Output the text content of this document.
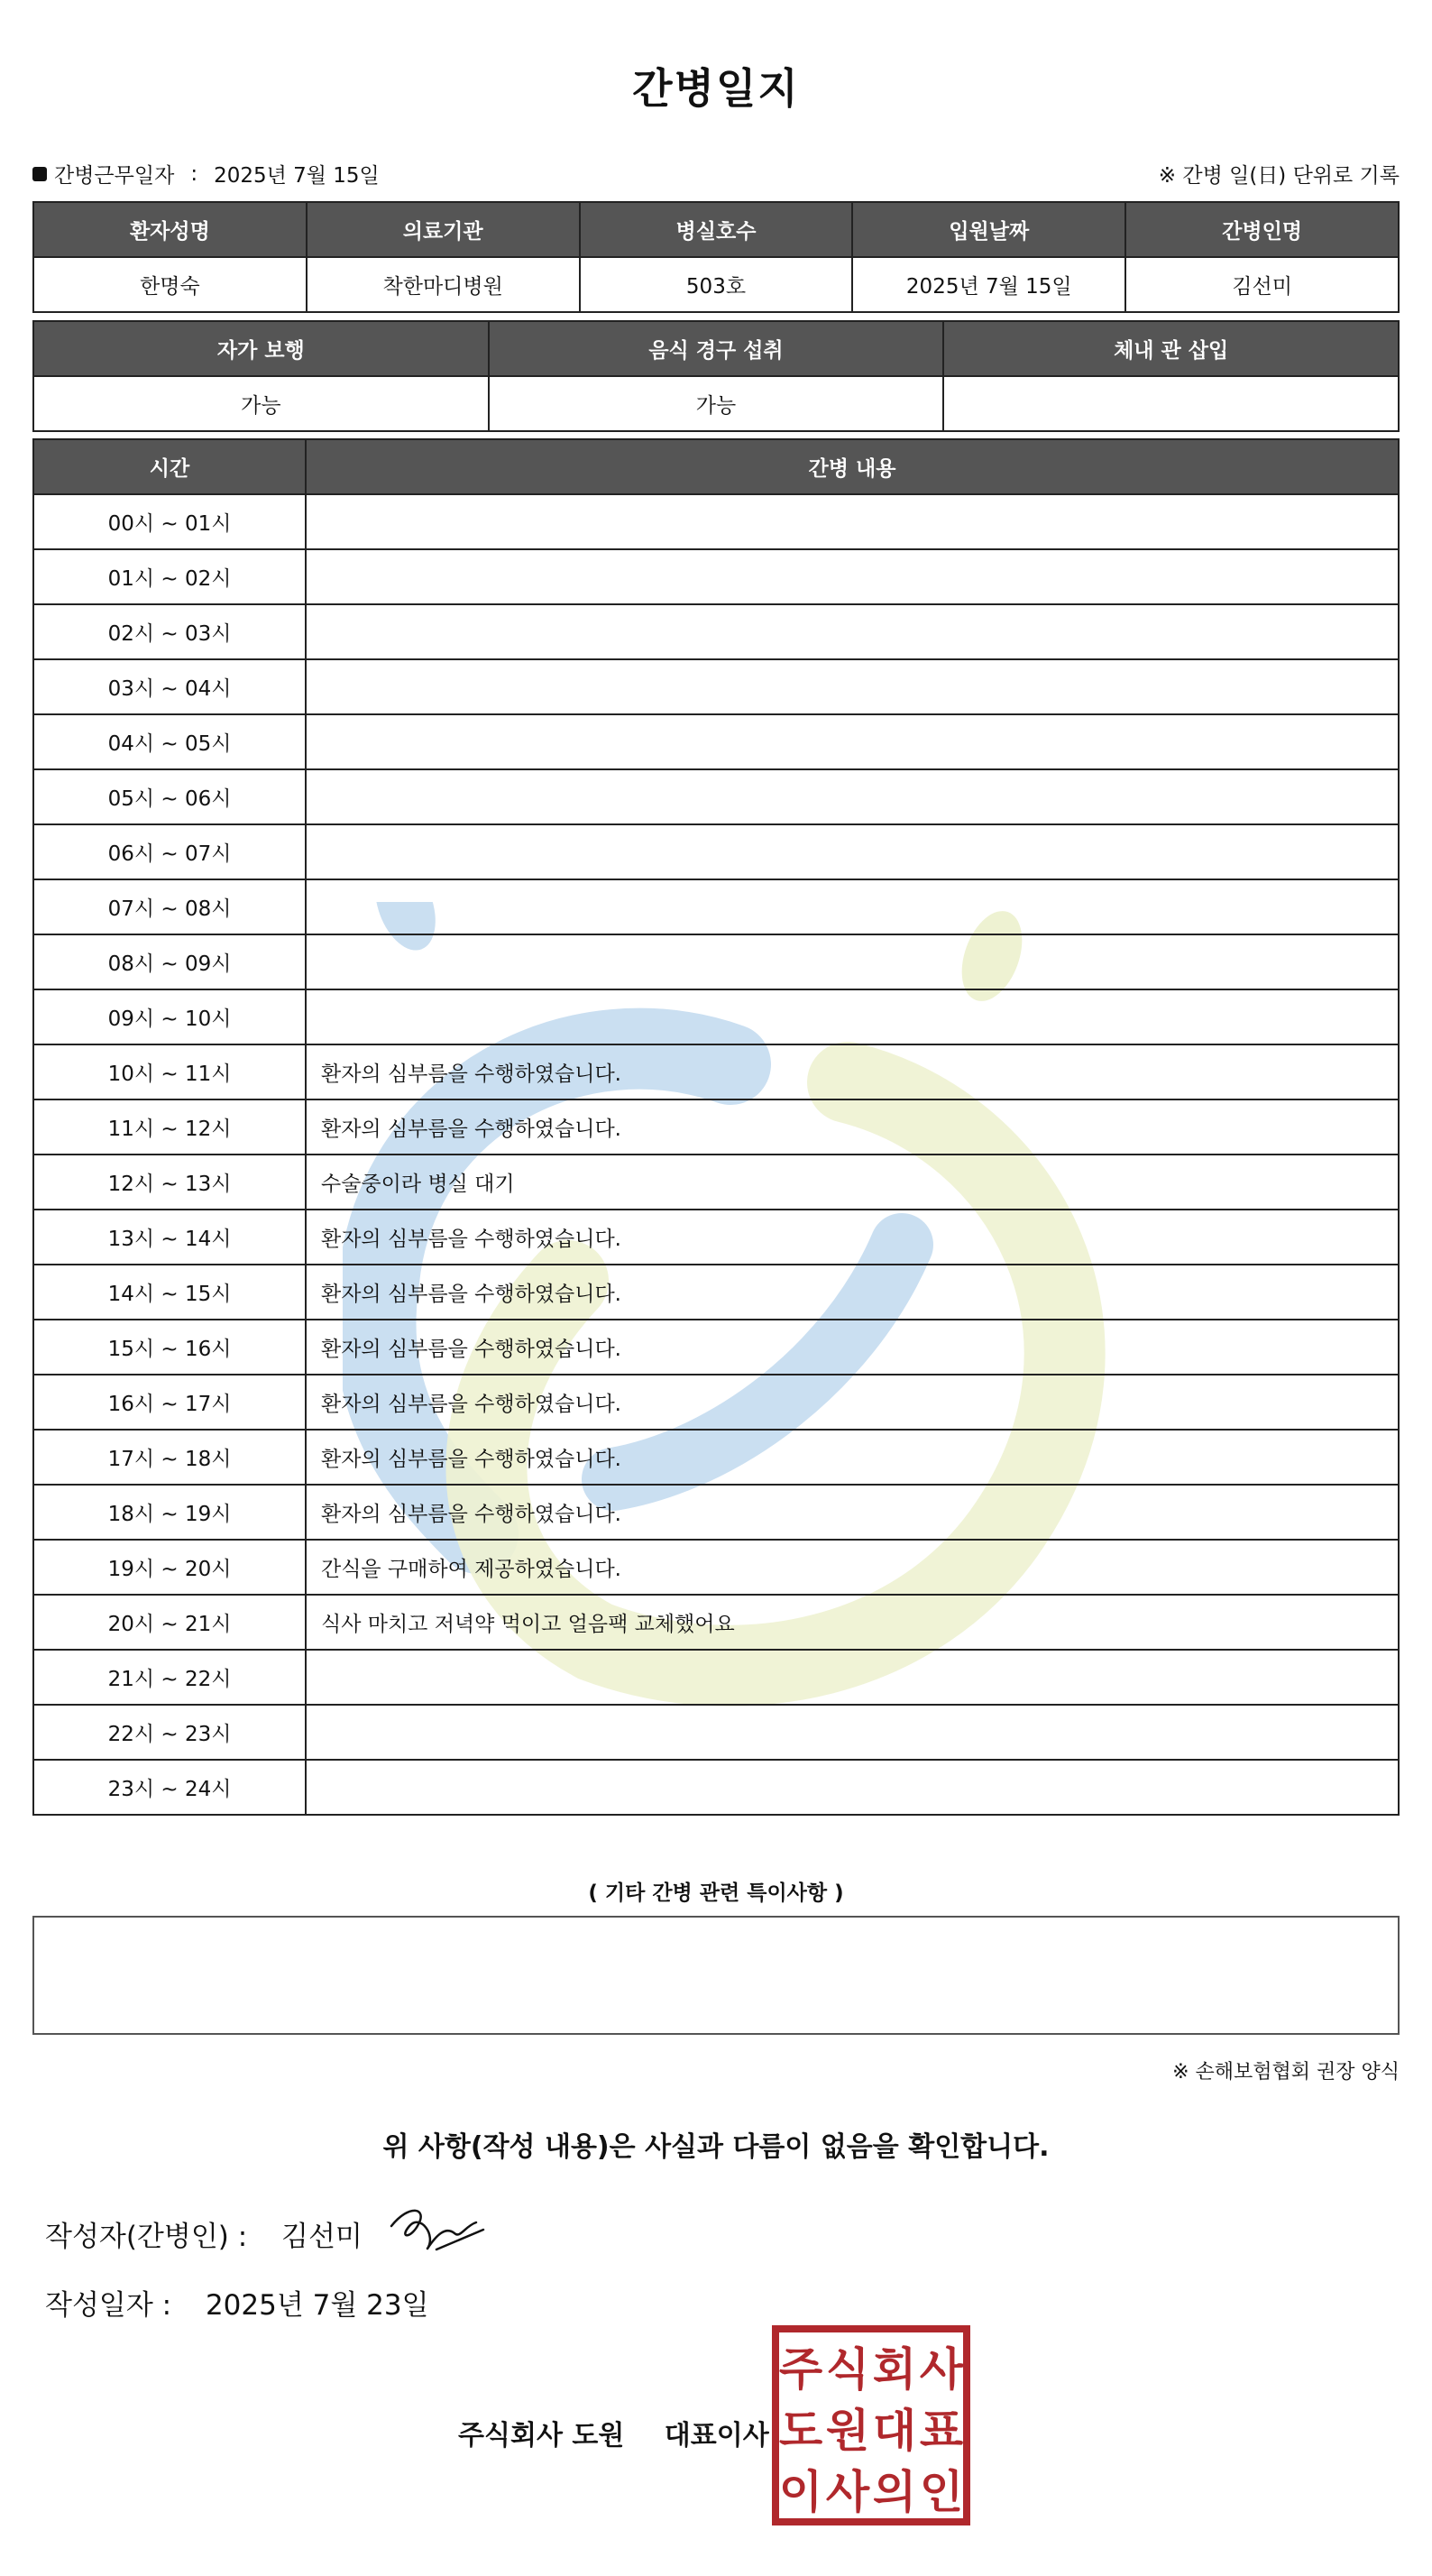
간병일지
간병근무일자 : 2025년 7월 15일	※ 간병 일(日) 단위로 기록
환자성명	의료기관	병실호수	입원날짜	간병인명
한명숙	착한마디병원	503호	2025년 7월 15일	김선미
자가 보행	음식 경구 섭취	체내 관 삽입
가능	가능	
시간	간병 내용
00시 ~ 01시	
01시 ~ 02시	
02시 ~ 03시	
03시 ~ 04시	
04시 ~ 05시	
05시 ~ 06시	
06시 ~ 07시	
07시 ~ 08시	
08시 ~ 09시	
09시 ~ 10시	
10시 ~ 11시	환자의 심부름을 수행하였습니다.
11시 ~ 12시	환자의 심부름을 수행하였습니다.
12시 ~ 13시	수술중이라 병실 대기
13시 ~ 14시	환자의 심부름을 수행하였습니다.
14시 ~ 15시	환자의 심부름을 수행하였습니다.
15시 ~ 16시	환자의 심부름을 수행하였습니다.
16시 ~ 17시	환자의 심부름을 수행하였습니다.
17시 ~ 18시	환자의 심부름을 수행하였습니다.
18시 ~ 19시	환자의 심부름을 수행하였습니다.
19시 ~ 20시	간식을 구매하여 제공하였습니다.
20시 ~ 21시	식사 마치고 저녁약 먹이고 얼음팩 교체했어요
21시 ~ 22시	
22시 ~ 23시	
23시 ~ 24시	
( 기타 간병 관련 특이사항 )
※ 손해보험협회 권장 양식
위 사항(작성 내용)은 사실과 다름이 없음을 확인합니다.
작성자(간병인) : 김선미
작성일자 : 2025년 7월 23일
주식회사 도원 대표이사
주 식 회 사
도 원 대 표
이 사 의 인
